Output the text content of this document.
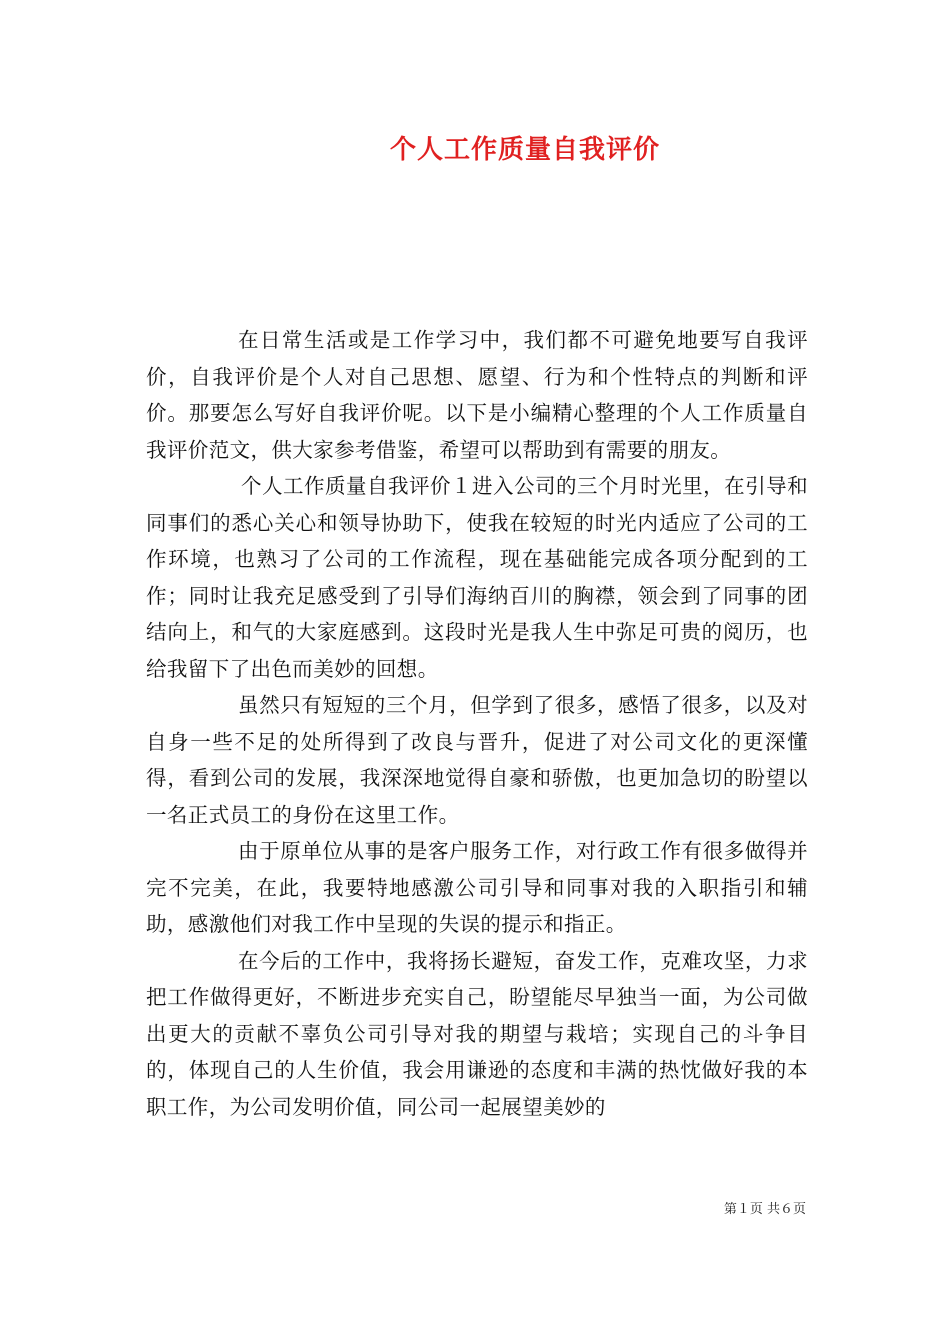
个人工作质量自我评价

在日常生活或是工作学习中，我们都不可避免地要写自我评价，自我评价是个人对自己思想、愿望、行为和个性特点的判断和评价。那要怎么写好自我评价呢。以下是小编精心整理的个人工作质量自我评价范文，供大家参考借鉴，希望可以帮助到有需要的朋友。

个人工作质量自我评价１进入公司的三个月时光里，在引导和同事们的悉心关心和领导协助下，使我在较短的时光内适应了公司的工作环境，也熟习了公司的工作流程，现在基础能完成各项分配到的工作；同时让我充足感受到了引导们海纳百川的胸襟，领会到了同事的团结向上，和气的大家庭感到。这段时光是我人生中弥足可贵的阅历，也给我留下了出色而美妙的回想。

虽然只有短短的三个月，但学到了很多，感悟了很多，以及对自身一些不足的处所得到了改良与晋升，促进了对公司文化的更深懂得，看到公司的发展，我深深地觉得自豪和骄傲，也更加急切的盼望以一名正式员工的身份在这里工作。

由于原单位从事的是客户服务工作，对行政工作有很多做得并完不完美，在此，我要特地感激公司引导和同事对我的入职指引和辅助，感激他们对我工作中呈现的失误的提示和指正。

在今后的工作中，我将扬长避短，奋发工作，克难攻坚，力求把工作做得更好，不断进步充实自己，盼望能尽早独当一面，为公司做出更大的贡献不辜负公司引导对我的期望与栽培；实现自己的斗争目的，体现自己的人生价值，我会用谦逊的态度和丰满的热忱做好我的本职工作，为公司发明价值，同公司一起展望美妙的

第１页 共６页
